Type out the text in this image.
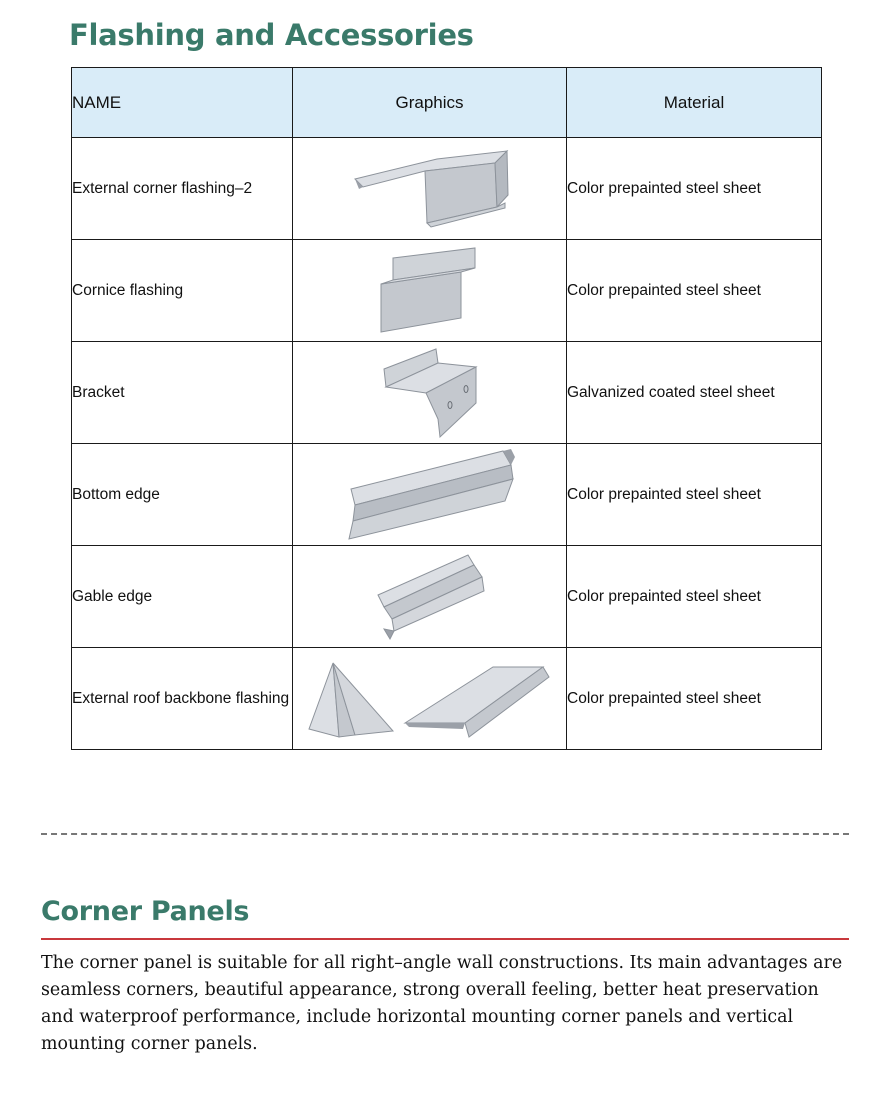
Flashing and Accessories
NAME	Graphics	Material
External corner flashing–2		Color prepainted steel sheet
Cornice flashing		Color prepainted steel sheet
Bracket		Galvanized coated steel sheet
Bottom edge		Color prepainted steel sheet
Gable edge		Color prepainted steel sheet
External roof backbone flashing		Color prepainted steel sheet
Corner Panels

The corner panel is suitable for all right–angle wall constructions. Its main advantages are seamless corners, beautiful appearance, strong overall feeling, better heat preservation and waterproof performance, include horizontal mounting corner panels and vertical mounting corner panels.
